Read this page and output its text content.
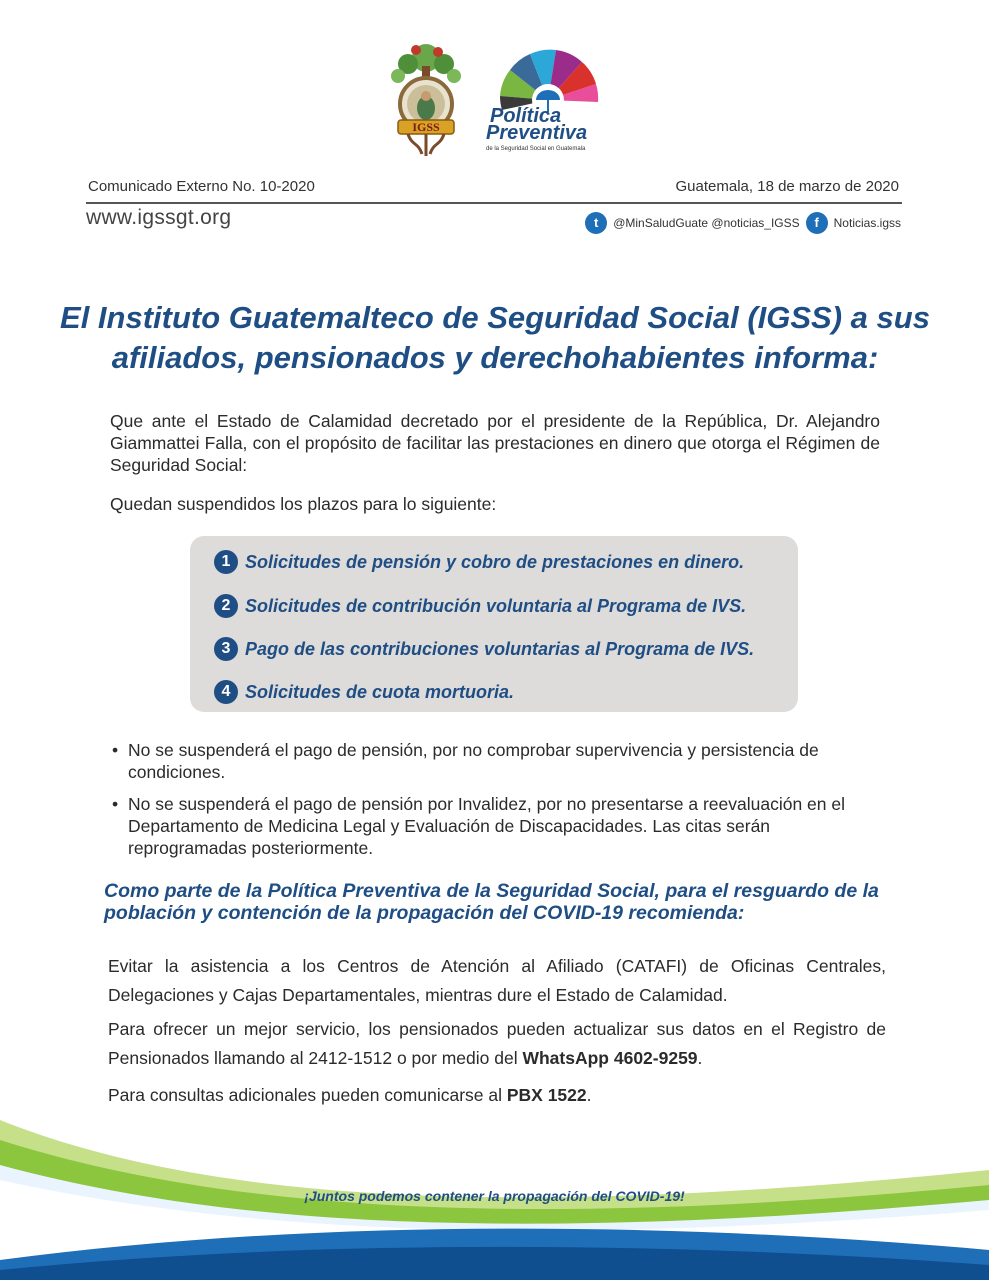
IGSS	Política
Preventiva
de la Seguridad Social en Guatemala
Comunicado Externo No. 10-2020	Guatemala, 18 de marzo de 2020
www.igssgt.org	t	@MinSaludGuate @noticias_IGSS	f	Noticias.igss
El Instituto Guatemalteco de Seguridad Social (IGSS) a sus afiliados, pensionados y derechohabientes informa:
Que ante el Estado de Calamidad decretado por el presidente de la República, Dr. Alejandro Giammattei Falla, con el propósito de facilitar las prestaciones en dinero que otorga el Régimen de Seguridad Social:
Quedan suspendidos los plazos para lo siguiente:
1 Solicitudes de pensión y cobro de prestaciones en dinero.
2 Solicitudes de contribución voluntaria al Programa de IVS.
3 Pago de las contribuciones voluntarias al Programa de IVS.
4 Solicitudes de cuota mortuoria.
• No se suspenderá el pago de pensión, por no comprobar supervivencia y persistencia de condiciones.
• No se suspenderá el pago de pensión por Invalidez, por no presentarse a reevaluación en el Departamento de Medicina Legal y Evaluación de Discapacidades. Las citas serán reprogramadas posteriormente.
Como parte de la Política Preventiva de la Seguridad Social, para el resguardo de la población y contención de la propagación del COVID-19 recomienda:
Evitar la asistencia a los Centros de Atención al Afiliado (CATAFI) de Oficinas Centrales, Delegaciones y Cajas Departamentales, mientras dure el Estado de Calamidad.
Para ofrecer un mejor servicio, los pensionados pueden actualizar sus datos en el Registro de Pensionados llamando al 2412-1512 o por medio del WhatsApp 4602-9259.
Para consultas adicionales pueden comunicarse al PBX 1522.
¡Juntos podemos contener la propagación del COVID-19!
